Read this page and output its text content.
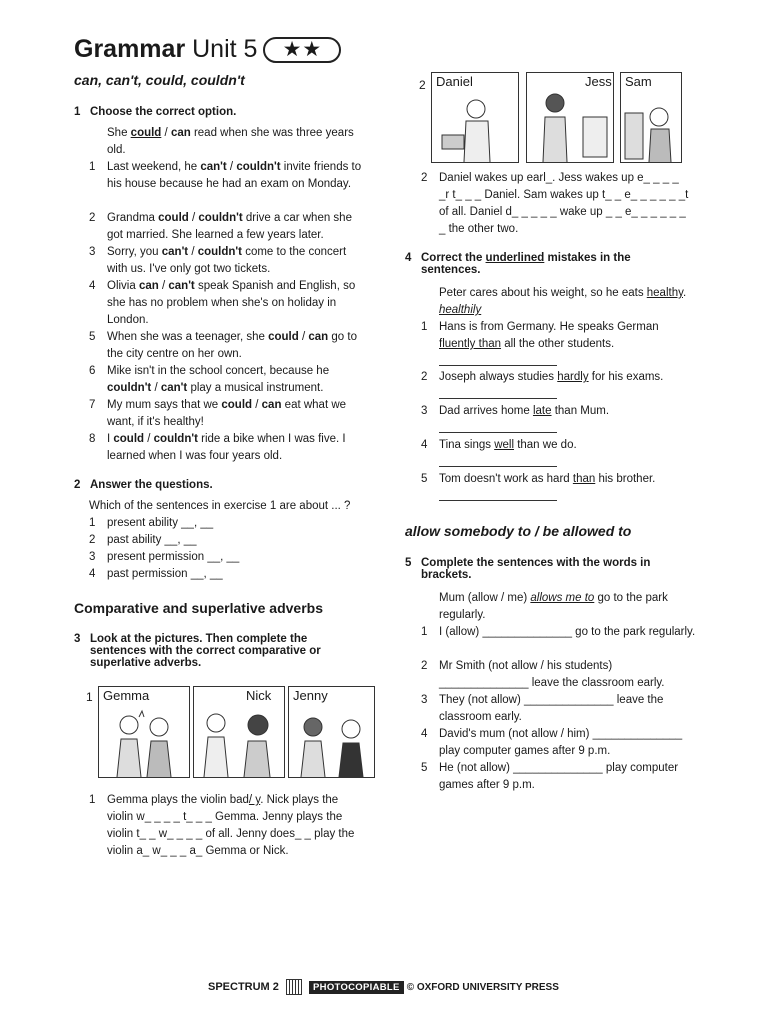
Grammar Unit 5 ★★
can, can't, could, couldn't
1 Choose the correct option.
She could / can read when she was three years old.
1	Last weekend, he can't / couldn't invite friends to his house because he had an exam on Monday.
2	Grandma could / couldn't drive a car when she got married. She learned a few years later.
3	Sorry, you can't / couldn't come to the concert with us. I've only got two tickets.
4	Olivia can / can't speak Spanish and English, so she has no problem when she's on holiday in London.
5	When she was a teenager, she could / can go to the city centre on her own.
6	Mike isn't in the school concert, because he couldn't / can't play a musical instrument.
7	My mum says that we could / can eat what we want, if it's healthy!
8	I could / couldn't ride a bike when I was five. I learned when I was four years old.
2 Answer the questions.
Which of the sentences in exercise 1 are about ... ?
1	present ability __, __
2	past ability __, __
3	present permission __, __
4	past permission __, __
Comparative and superlative adverbs
3 Look at the pictures. Then complete the sentences with the correct comparative or superlative adverbs.
1 Gemma	Nick Jenny
1	Gemma plays the violin bad/ y. Nick plays the violin w_ _ _ _ t_ _ _ Gemma. Jenny plays the violin t_ _ w_ _ _ _ of all. Jenny does_ _ play the violin a_ w_ _ _ a_ Gemma or Nick.
2 Daniel	Jess Sam
2	Daniel wakes up earl_. Jess wakes up e_ _ _ _ _r t_ _ _ Daniel. Sam wakes up t_ _ e_ _ _ _ _ _t of all. Daniel d_ _ _ _ _ wake up _ _ e_ _ _ _ _ _ _ the other two.
4 Correct the underlined mistakes in the sentences.
Peter cares about his weight, so he eats healthy.
healthily
1	Hans is from Germany. He speaks German fluently than all the other students.

2	Joseph always studies hardly for his exams.

3	Dad arrives home late than Mum.

4	Tina sings well than we do.

5	Tom doesn't work as hard than his brother.

allow somebody to / be allowed to
5 Complete the sentences with the words in brackets.
Mum (allow / me) allows me to go to the park regularly.
1	I (allow) ______________ go to the park regularly.
2	Mr Smith (not allow / his students) ______________ leave the classroom early.
3	They (not allow) ______________ leave the classroom early.
4	David's mum (not allow / him) ______________ play computer games after 9 p.m.
5	He (not allow) ______________ play computer games after 9 p.m.
SPECTRUM 2	PHOTOCOPIABLE © OXFORD UNIVERSITY PRESS
